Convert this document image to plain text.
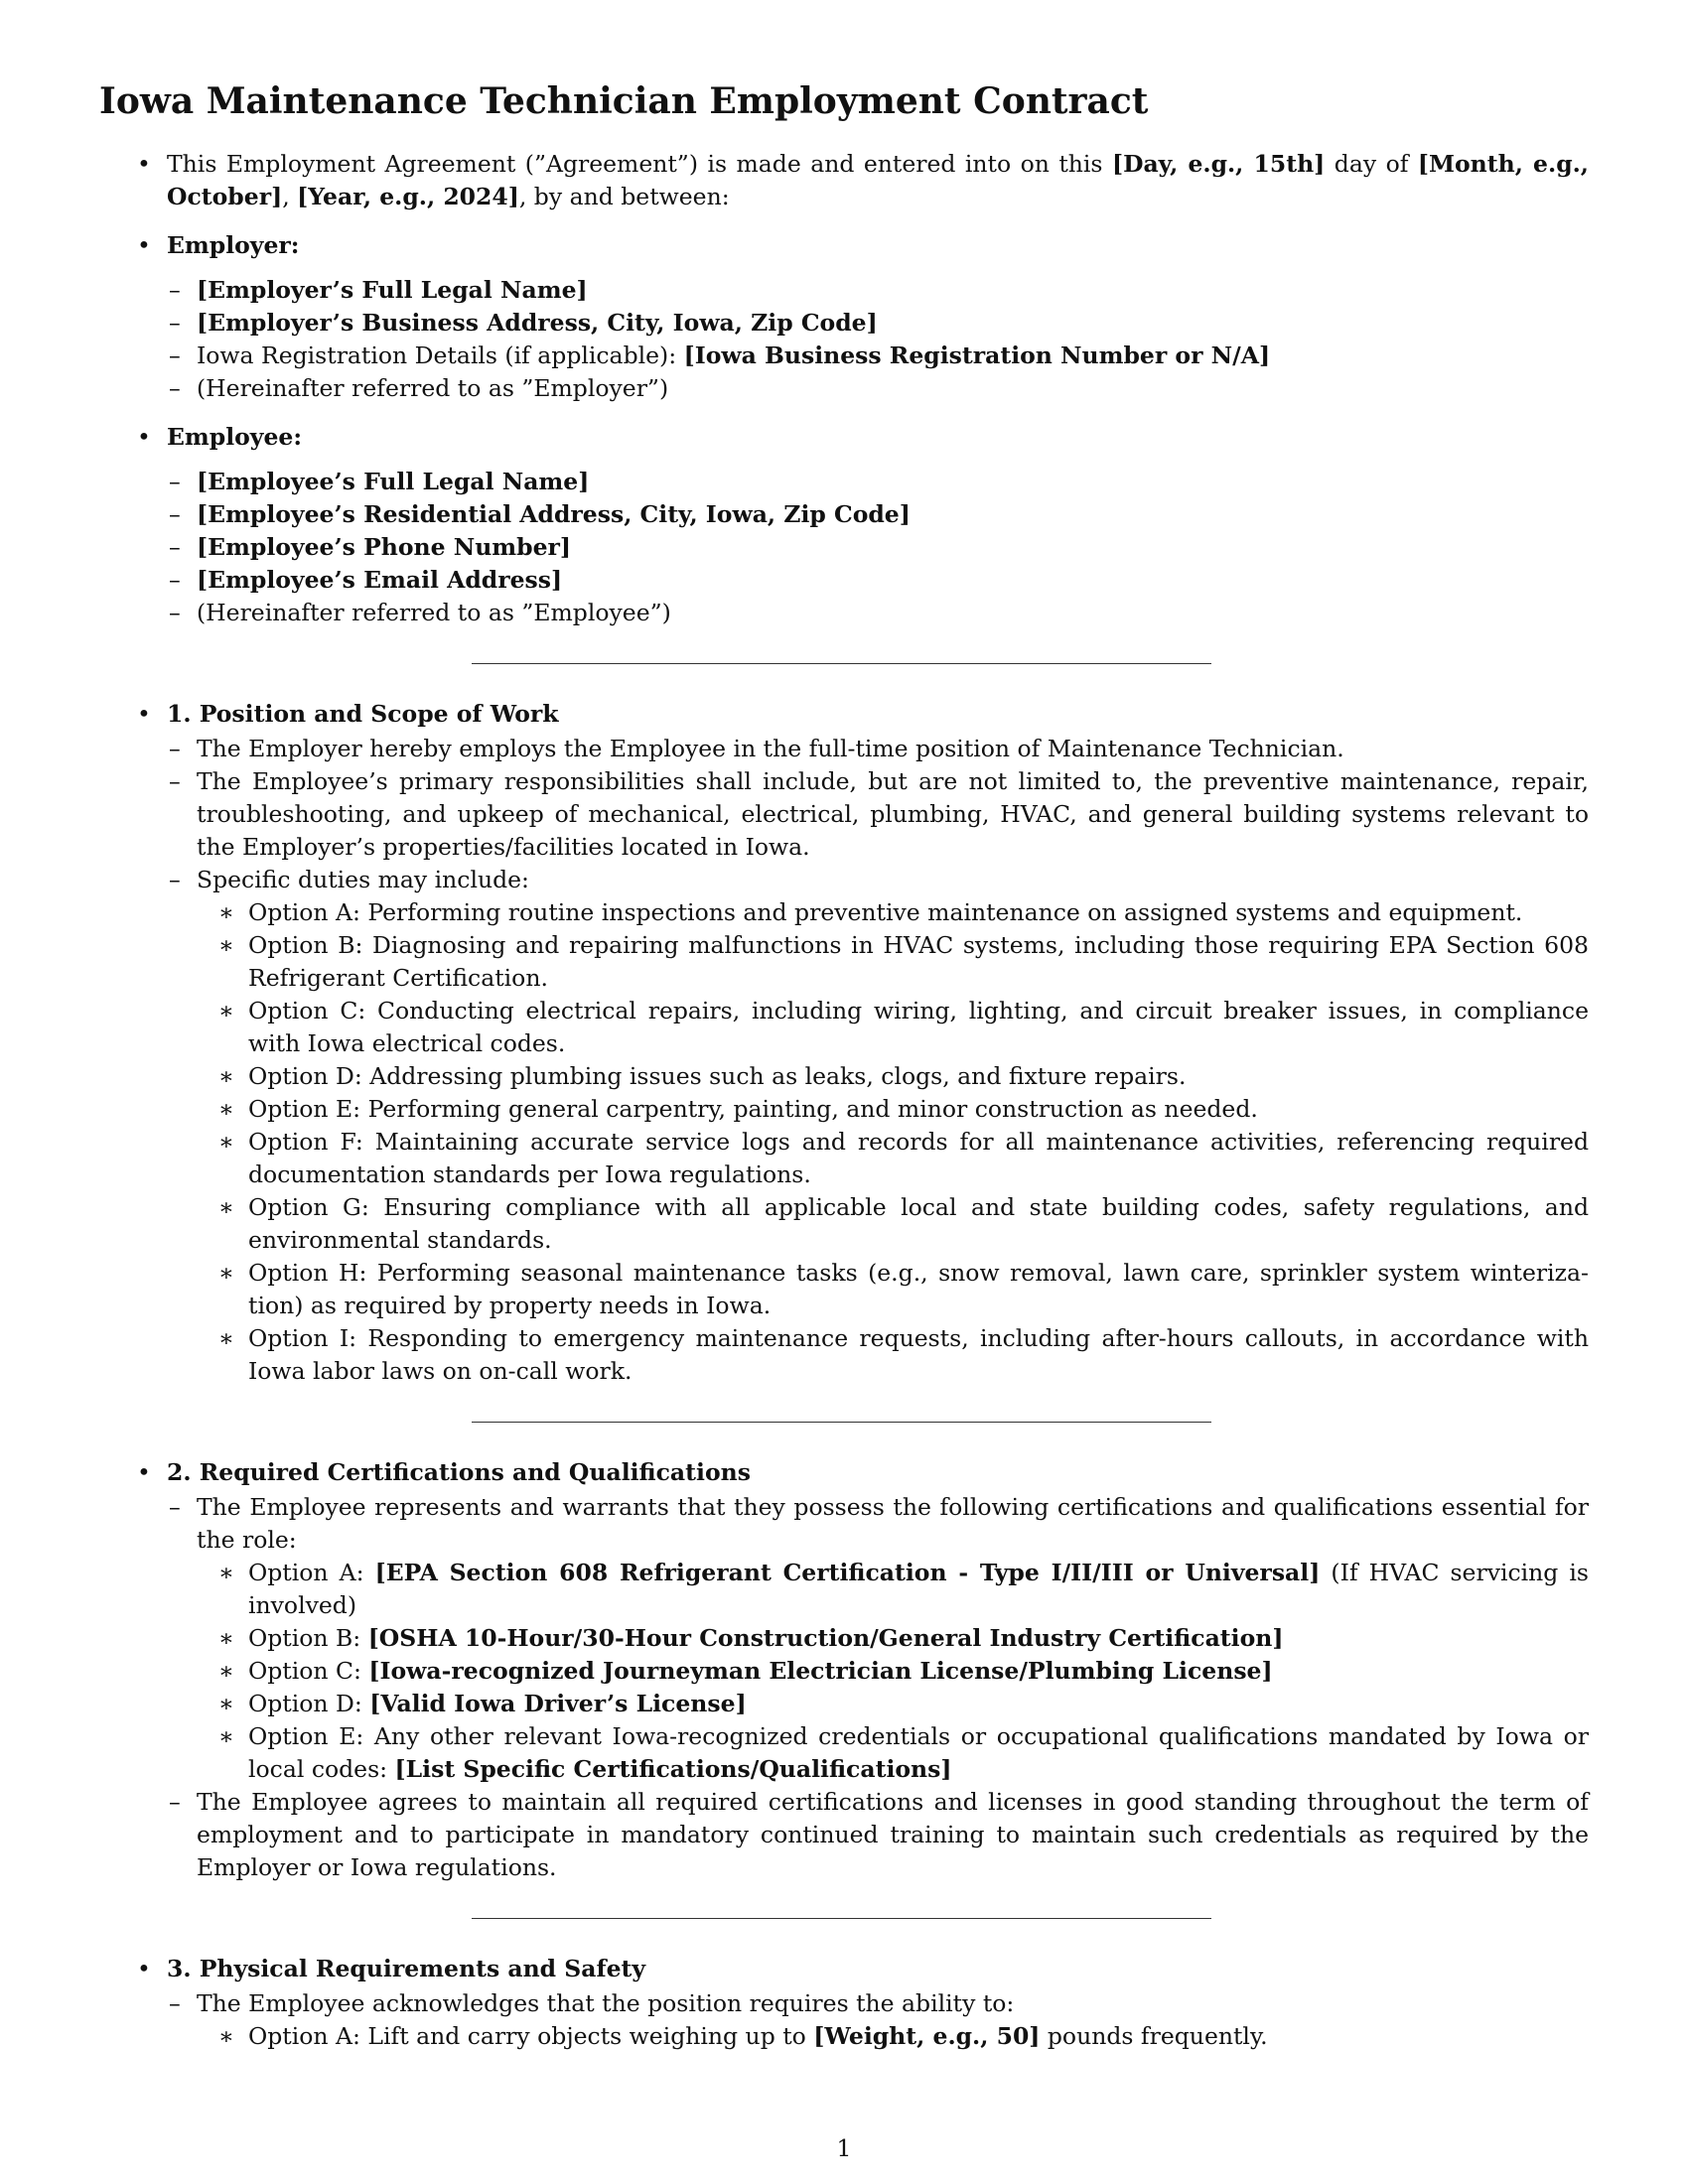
Iowa Maintenance Technician Employment Contract
• This Employment Agreement (”Agreement”) is made and entered into on this [Day, e.g., 15th] day of [Month, e.g., October], [Year, e.g., 2024], by and between:
• Employer:
– [Employer’s Full Legal Name]
– [Employer’s Business Address, City, Iowa, Zip Code]
– Iowa Registration Details (if applicable): [Iowa Business Registration Number or N/A]
– (Hereinafter referred to as ”Employer”)
• Employee:
– [Employee’s Full Legal Name]
– [Employee’s Residential Address, City, Iowa, Zip Code]
– [Employee’s Phone Number]
– [Employee’s Email Address]
– (Hereinafter referred to as ”Employee”)
• 1. Position and Scope of Work
– The Employer hereby employs the Employee in the full-time position of Maintenance Technician.
– The Employee’s primary responsibilities shall include, but are not limited to, the preventive maintenance, repair, troubleshooting, and upkeep of mechanical, electrical, plumbing, HVAC, and general building systems relevant to the Employer’s properties/facilities located in Iowa.
– Specific duties may include:
∗ Option A: Performing routine inspections and preventive maintenance on assigned systems and equipment.
∗ Option B: Diagnosing and repairing malfunctions in HVAC systems, including those requiring EPA Section 608 Refrigerant Certification.
∗ Option C: Conducting electrical repairs, including wiring, lighting, and circuit breaker issues, in compliance with Iowa electrical codes.
∗ Option D: Addressing plumbing issues such as leaks, clogs, and fixture repairs.
∗ Option E: Performing general carpentry, painting, and minor construction as needed.
∗ Option F: Maintaining accurate service logs and records for all maintenance activities, referencing required documentation standards per Iowa regulations.
∗ Option G: Ensuring compliance with all applicable local and state building codes, safety regulations, and environmental standards.
∗ Option H: Performing seasonal maintenance tasks (e.g., snow removal, lawn care, sprinkler system winterization) as required by property needs in Iowa.
∗ Option I: Responding to emergency maintenance requests, including after-hours callouts, in accordance with Iowa labor laws on on-call work.
• 2. Required Certifications and Qualifications
– The Employee represents and warrants that they possess the following certifications and qualifications essential for the role:
∗ Option A: [EPA Section 608 Refrigerant Certification - Type I/II/III or Universal] (If HVAC servicing is involved)
∗ Option B: [OSHA 10-Hour/30-Hour Construction/General Industry Certification]
∗ Option C: [Iowa-recognized Journeyman Electrician License/Plumbing License]
∗ Option D: [Valid Iowa Driver’s License]
∗ Option E: Any other relevant Iowa-recognized credentials or occupational qualifications mandated by Iowa or local codes: [List Specific Certifications/Qualifications]
– The Employee agrees to maintain all required certifications and licenses in good standing throughout the term of employment and to participate in mandatory continued training to maintain such credentials as required by the Employer or Iowa regulations.
• 3. Physical Requirements and Safety
– The Employee acknowledges that the position requires the ability to:
∗ Option A: Lift and carry objects weighing up to [Weight, e.g., 50] pounds frequently.
1
